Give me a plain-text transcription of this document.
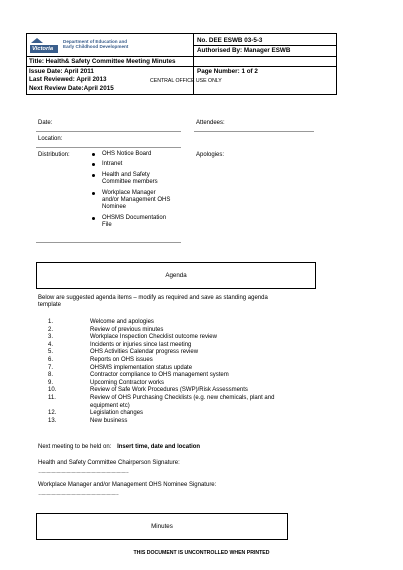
Victoria
Department of Education and
Early Childhood Development
No. DEE ESWB 03-5-3
Authorised By: Manager ESWB
Title: Health& Safety Committee Meeting Minutes
Issue Date: April 2011	Page Number: 1 of 2
Last Reviewed: April 2013
Next Review Date:April 2015
CENTRAL OFFICE USE ONLY
Date:	Attendees:
Location:
Distribution:	Apologies:
OHS Notice Board
Intranet
Health and Safety Committee members
Workplace Manager and/or Management OHS Nominee
OHSMS Documentation File
Agenda
Below are suggested agenda items – modify as required and save as standing agenda template
1.	Welcome and apologies
2.	Review of previous minutes
3.	Workplace Inspection Checklist outcome review
4.	Incidents or injuries since last meeting
5.	OHS Activities Calendar progress review
6.	Reports on OHS issues
7.	OHSMS implementation status update
8.	Contractor compliance to OHS management system
9.	Upcoming Contractor works
10.	Review of Safe Work Procedures (SWP)/Risk Assessments
11.	Review of OHS Purchasing Checklists (e.g. new chemicals, plant and equipment etc)
12.	Legislation changes
13.	New business
Next meeting to be held on: Insert time, date and location
Health and Safety Committee Chairperson Signature:
………………………………………………
Workplace Manager and/or Management OHS Nominee Signature:
…………………………………………
Minutes
THIS DOCUMENT IS UNCONTROLLED WHEN PRINTED
